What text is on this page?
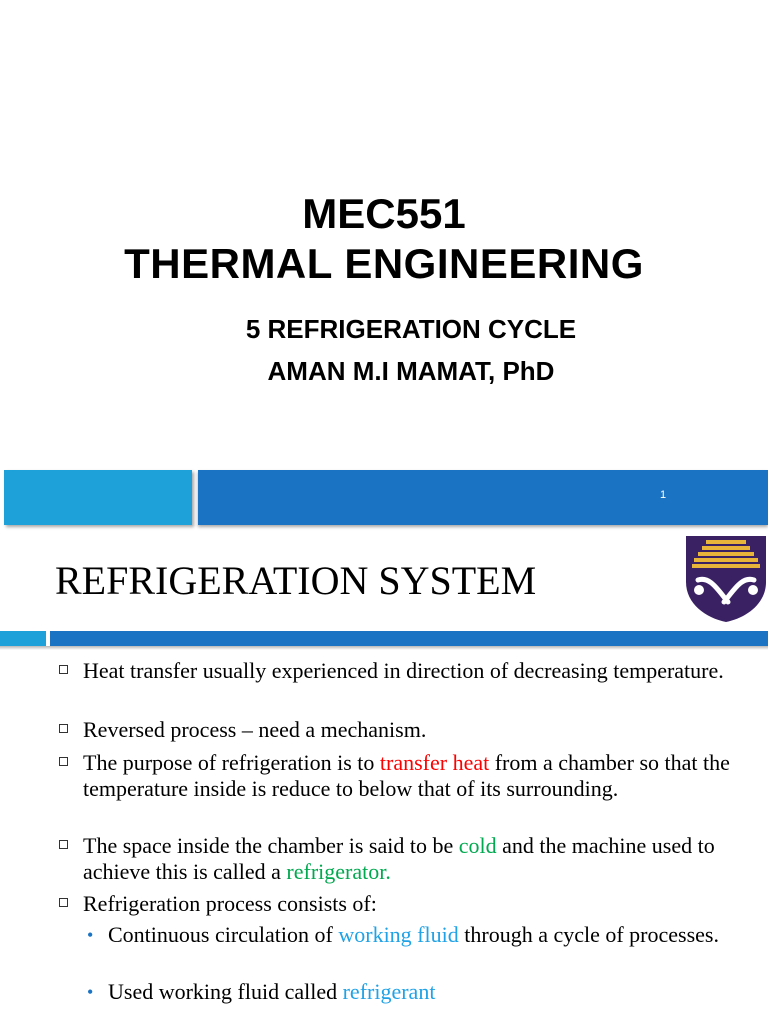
MEC551
THERMAL ENGINEERING
5 REFRIGERATION CYCLE
AMAN M.I MAMAT, PhD
1
REFRIGERATION SYSTEM
Heat transfer usually experienced in direction of decreasing temperature.
Reversed process – need a mechanism.
The purpose of refrigeration is to transfer heat from a chamber so that the temperature inside is reduce to below that of its surrounding.
The space inside the chamber is said to be cold and the machine used to achieve this is called a refrigerator.
Refrigeration process consists of:
• Continuous circulation of working fluid through a cycle of processes.
• Used working fluid called refrigerant
